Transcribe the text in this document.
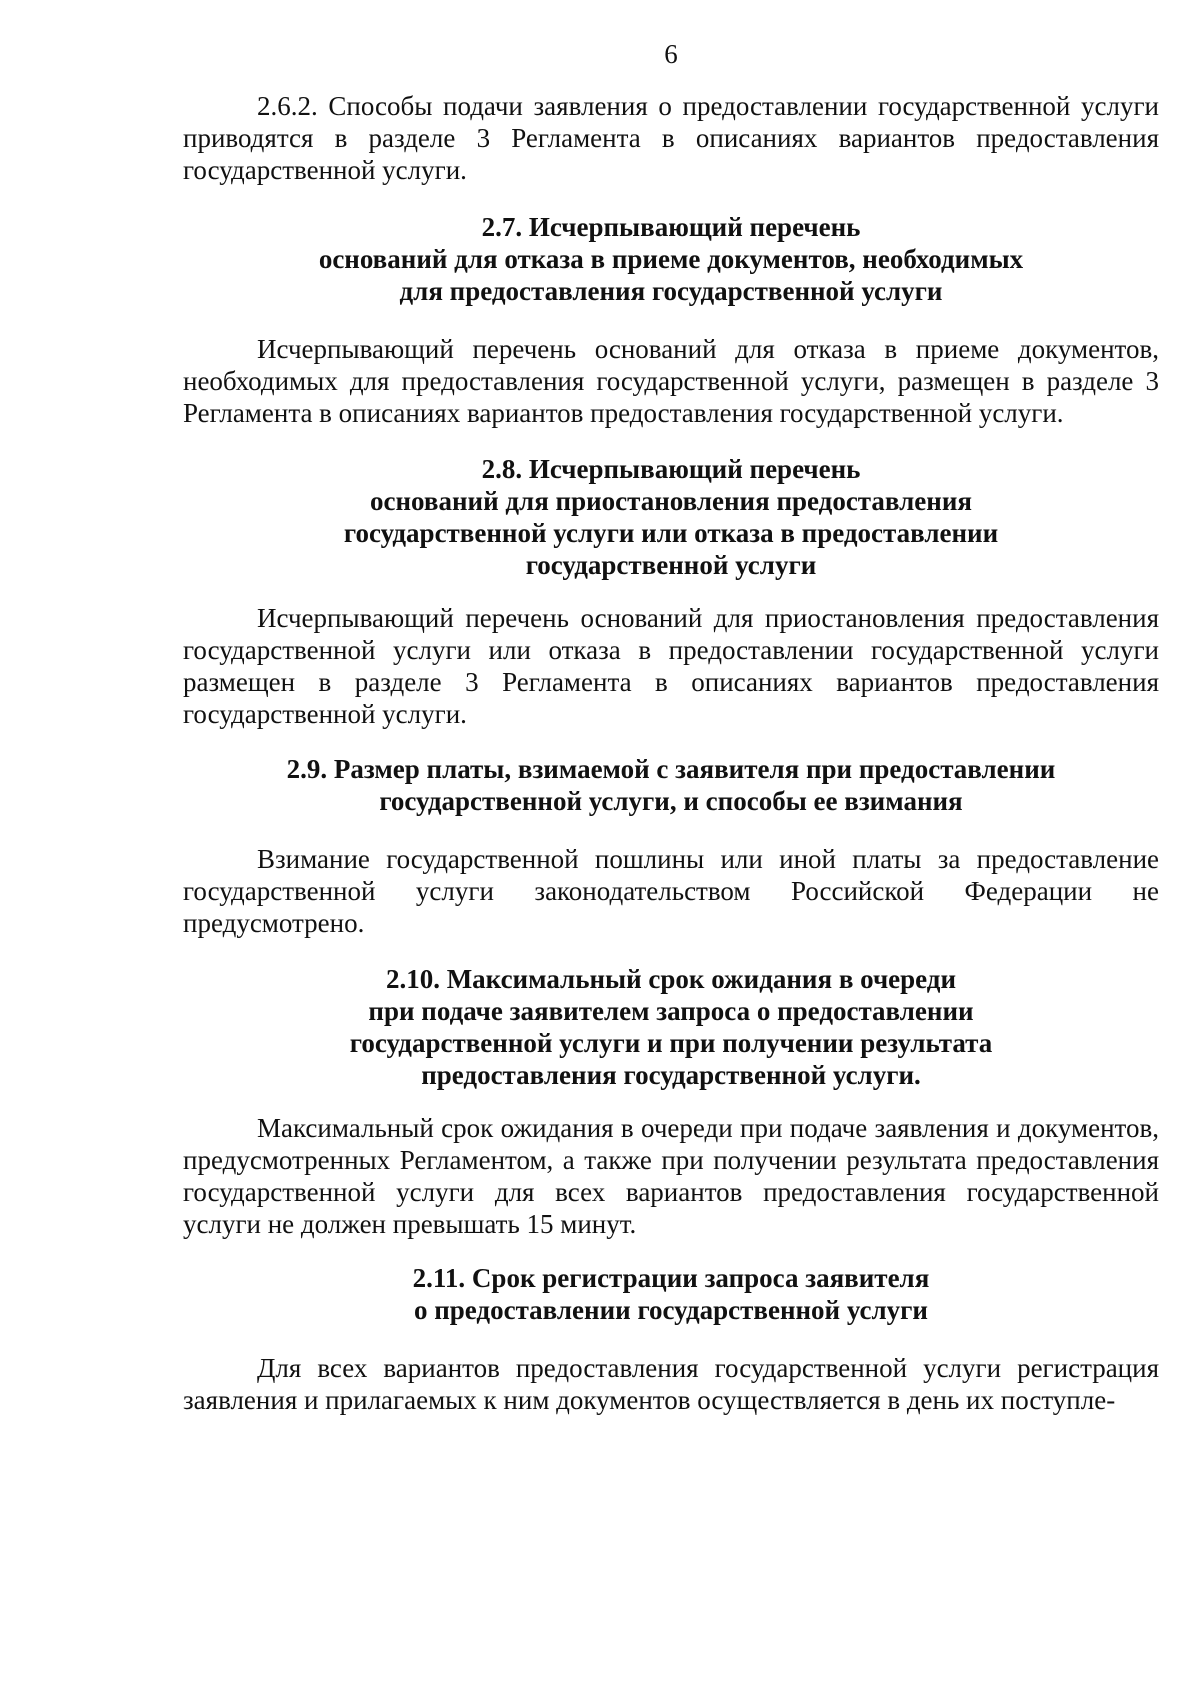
6

2.6.2. Способы подачи заявления о предоставлении государственной услуги приводятся в разделе 3 Регламента в описаниях вариантов предоставления государственной услуги.

2.7. Исчерпывающий перечень
оснований для отказа в приеме документов, необходимых
для предоставления государственной услуги

Исчерпывающий перечень оснований для отказа в приеме документов, необходимых для предоставления государственной услуги, размещен в разделе 3 Регламента в описаниях вариантов предоставления государственной услуги.

2.8. Исчерпывающий перечень
оснований для приостановления предоставления
государственной услуги или отказа в предоставлении
государственной услуги

Исчерпывающий перечень оснований для приостановления предоставления государственной услуги или отказа в предоставлении государственной услуги размещен в разделе 3 Регламента в описаниях вариантов предоставления государственной услуги.

2.9. Размер платы, взимаемой с заявителя при предоставлении
государственной услуги, и способы ее взимания

Взимание государственной пошлины или иной платы за предоставление государственной услуги законодательством Российской Федерации не предусмотрено.

2.10. Максимальный срок ожидания в очереди
при подаче заявителем запроса о предоставлении
государственной услуги и при получении результата
предоставления государственной услуги.

Максимальный срок ожидания в очереди при подаче заявления и документов, предусмотренных Регламентом, а также при получении результата предоставления государственной услуги для всех вариантов предоставления государственной услуги не должен превышать 15 минут.

2.11. Срок регистрации запроса заявителя
о предоставлении государственной услуги

Для всех вариантов предоставления государственной услуги регистрация заявления и прилагаемых к ним документов осуществляется в день их поступле-
